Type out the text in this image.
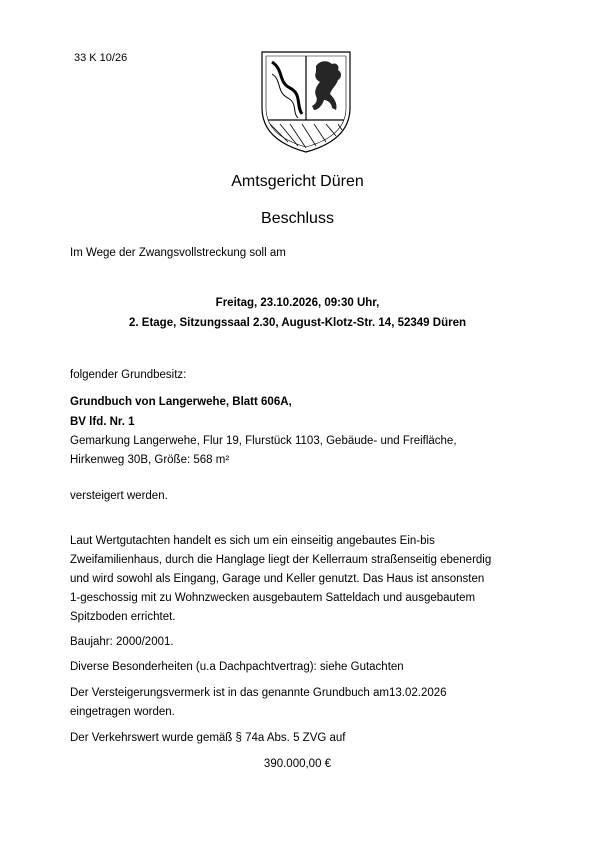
33 K 10/26
Amtsgericht Düren
Beschluss
Im Wege der Zwangsvollstreckung soll am
Freitag, 23.10.2026, 09:30 Uhr,
2. Etage, Sitzungssaal 2.30, August-Klotz-Str. 14, 52349 Düren
folgender Grundbesitz:
Grundbuch von Langerwehe, Blatt 606A,
BV lfd. Nr. 1
Gemarkung Langerwehe, Flur 19, Flurstück 1103, Gebäude- und Freifläche,
Hirkenweg 30B, Größe: 568 m²
versteigert werden.
Laut Wertgutachten handelt es sich um ein einseitig angebautes Ein-bis
Zweifamilienhaus, durch die Hanglage liegt der Kellerraum straßenseitig ebenerdig
und wird sowohl als Eingang, Garage und Keller genutzt. Das Haus ist ansonsten
1-geschossig mit zu Wohnzwecken ausgebautem Satteldach und ausgebautem
Spitzboden errichtet.
Baujahr: 2000/2001.
Diverse Besonderheiten (u.a Dachpachtvertrag): siehe Gutachten
Der Versteigerungsvermerk ist in das genannte Grundbuch am13.02.2026
eingetragen worden.
Der Verkehrswert wurde gemäß § 74a Abs. 5 ZVG auf
390.000,00 €
